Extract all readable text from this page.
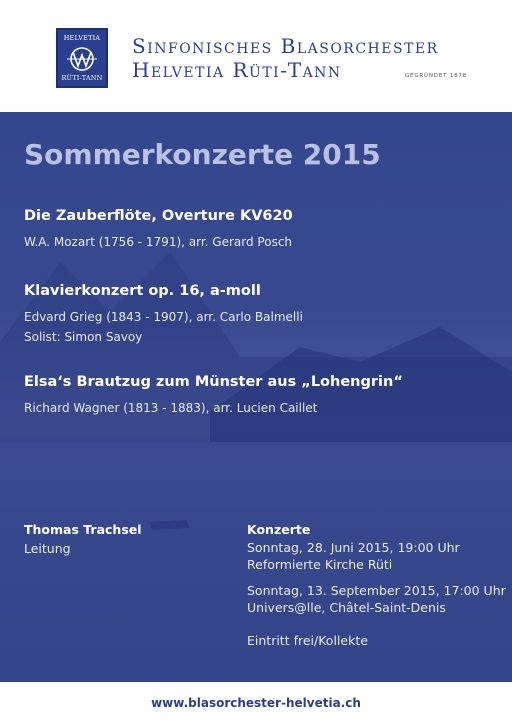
HELVETIA
RÜTI-TANN
Sinfonisches Blasorchester
Helvetia Rüti-Tann	GEGRÜNDET 1878
Sommerkonzerte 2015
Die Zauberflöte, Overture KV620
W.A. Mozart (1756 - 1791), arr. Gerard Posch
Klavierkonzert op. 16, a-moll
Edvard Grieg (1843 - 1907), arr. Carlo Balmelli
Solist: Simon Savoy
Elsa‘s Brautzug zum Münster aus „Lohengrin“
Richard Wagner (1813 - 1883), arr. Lucien Caillet
Thomas Trachsel
Leitung
Konzerte
Sonntag, 28. Juni 2015, 19:00 Uhr
Reformierte Kirche Rüti
Sonntag, 13. September 2015, 17:00 Uhr
Univers@lle, Châtel-Saint-Denis
Eintritt frei/Kollekte
www.blasorchester-helvetia.ch
